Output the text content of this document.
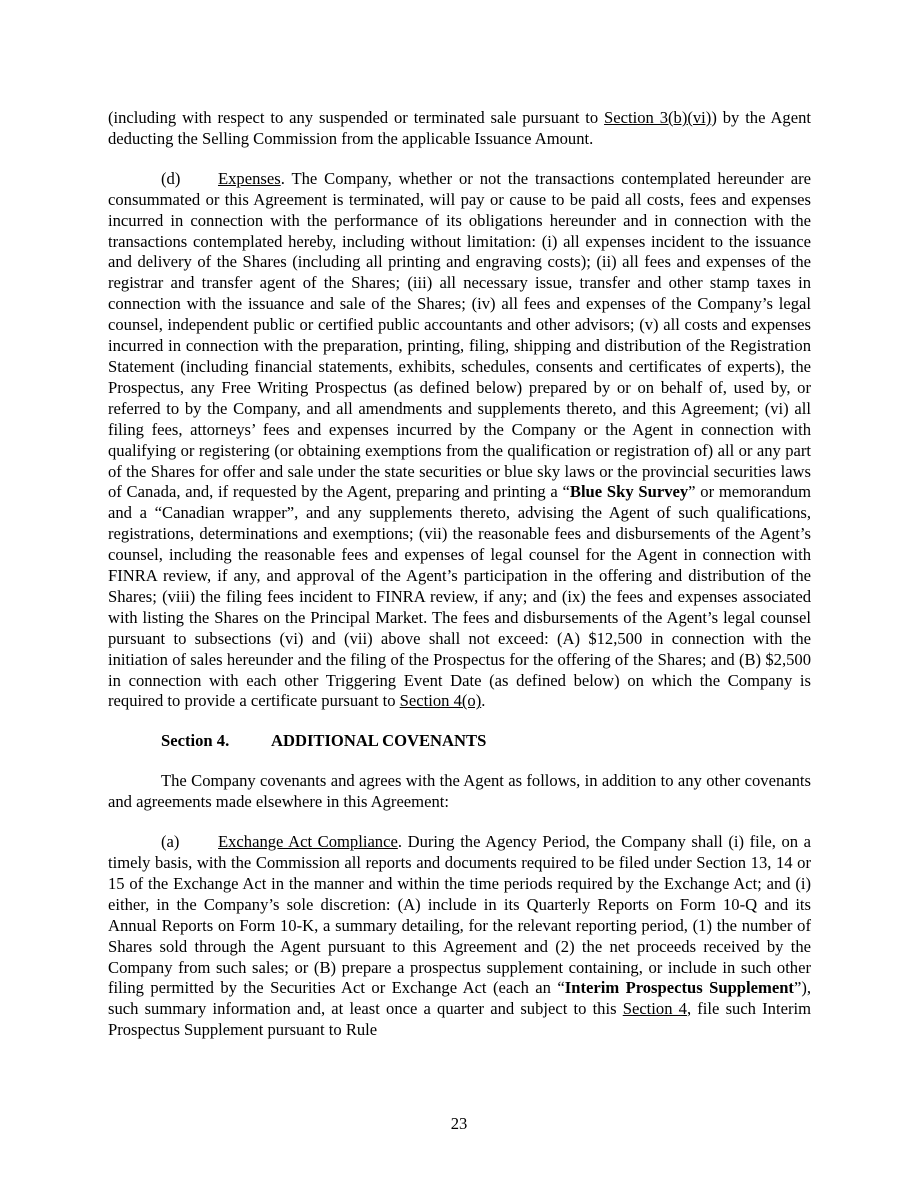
(including with respect to any suspended or terminated sale pursuant to Section 3(b)(vi)) by the Agent deducting the Selling Commission from the applicable Issuance Amount.

(d) Expenses. The Company, whether or not the transactions contemplated hereunder are consummated or this Agreement is terminated, will pay or cause to be paid all costs, fees and expenses incurred in connection with the performance of its obligations hereunder and in connection with the transactions contemplated hereby, including without limitation: (i) all expenses incident to the issuance and delivery of the Shares (including all printing and engraving costs); (ii) all fees and expenses of the registrar and transfer agent of the Shares; (iii) all necessary issue, transfer and other stamp taxes in connection with the issuance and sale of the Shares; (iv) all fees and expenses of the Company’s legal counsel, independent public or certified public accountants and other advisors; (v) all costs and expenses incurred in connection with the preparation, printing, filing, shipping and distribution of the Registration Statement (including financial statements, exhibits, schedules, consents and certificates of experts), the Prospectus, any Free Writing Prospectus (as defined below) prepared by or on behalf of, used by, or referred to by the Company, and all amendments and supplements thereto, and this Agreement; (vi) all filing fees, attorneys’ fees and expenses incurred by the Company or the Agent in connection with qualifying or registering (or obtaining exemptions from the qualification or registration of) all or any part of the Shares for offer and sale under the state securities or blue sky laws or the provincial securities laws of Canada, and, if requested by the Agent, preparing and printing a “Blue Sky Survey” or memorandum and a “Canadian wrapper”, and any supplements thereto, advising the Agent of such qualifications, registrations, determinations and exemptions; (vii) the reasonable fees and disbursements of the Agent’s counsel, including the reasonable fees and expenses of legal counsel for the Agent in connection with FINRA review, if any, and approval of the Agent’s participation in the offering and distribution of the Shares; (viii) the filing fees incident to FINRA review, if any; and (ix) the fees and expenses associated with listing the Shares on the Principal Market. The fees and disbursements of the Agent’s legal counsel pursuant to subsections (vi) and (vii) above shall not exceed: (A) $12,500 in connection with the initiation of sales hereunder and the filing of the Prospectus for the offering of the Shares; and (B) $2,500 in connection with each other Triggering Event Date (as defined below) on which the Company is required to provide a certificate pursuant to Section 4(o).

Section 4.	ADDITIONAL COVENANTS

The Company covenants and agrees with the Agent as follows, in addition to any other covenants and agreements made elsewhere in this Agreement:

(a) Exchange Act Compliance. During the Agency Period, the Company shall (i) file, on a timely basis, with the Commission all reports and documents required to be filed under Section 13, 14 or 15 of the Exchange Act in the manner and within the time periods required by the Exchange Act; and (i) either, in the Company’s sole discretion: (A) include in its Quarterly Reports on Form 10-Q and its Annual Reports on Form 10-K, a summary detailing, for the relevant reporting period, (1) the number of Shares sold through the Agent pursuant to this Agreement and (2) the net proceeds received by the Company from such sales; or (B) prepare a prospectus supplement containing, or include in such other filing permitted by the Securities Act or Exchange Act (each an “Interim Prospectus Supplement”), such summary information and, at least once a quarter and subject to this Section 4, file such Interim Prospectus Supplement pursuant to Rule

23
